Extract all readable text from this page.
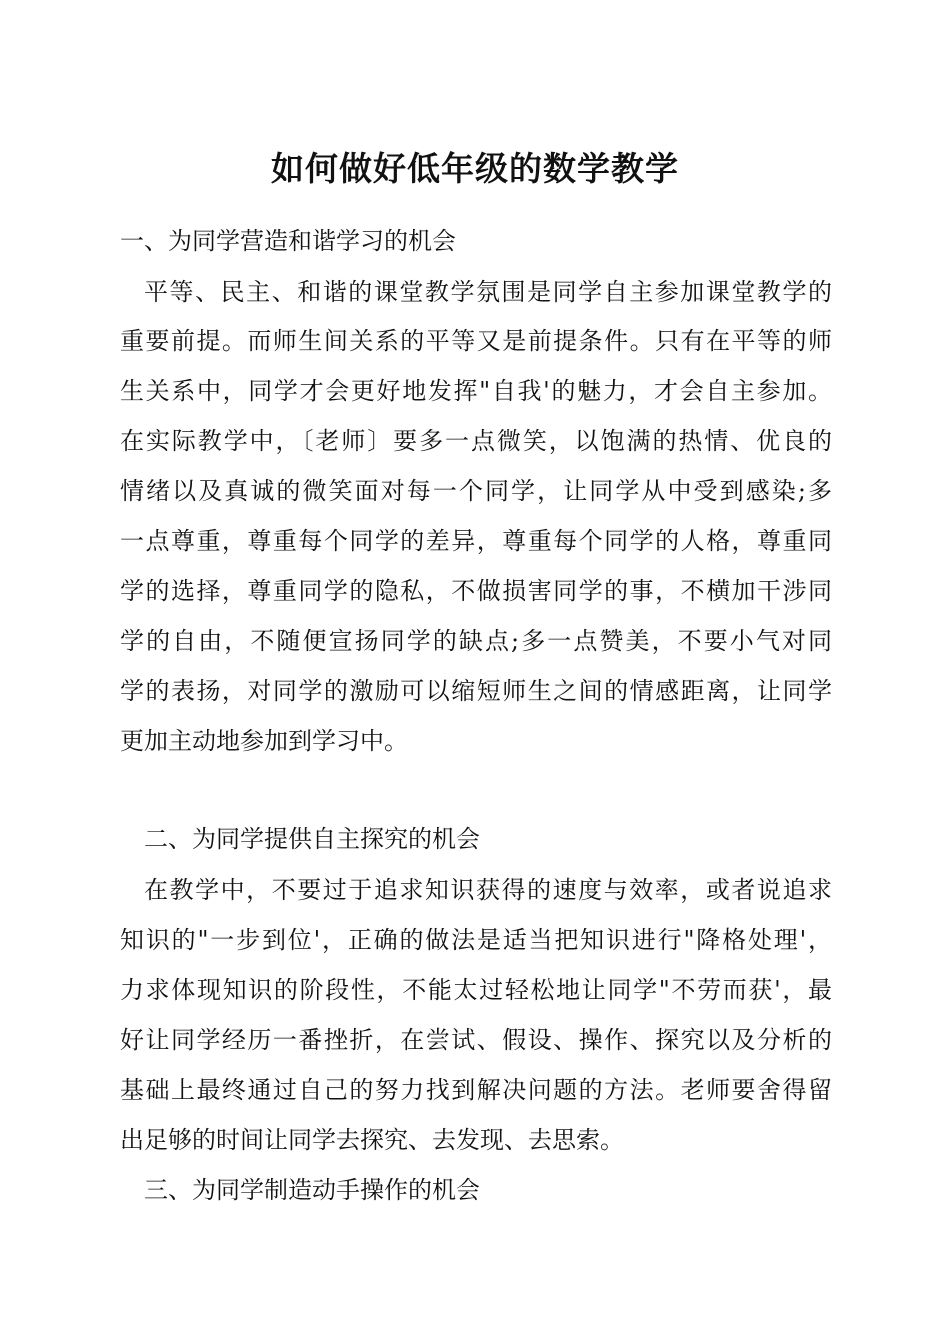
如何做好低年级的数学教学
一、为同学营造和谐学习的机会
平等、民主、和谐的课堂教学氛围是同学自主参加课堂教学的
重要前提。而师生间关系的平等又是前提条件。只有在平等的师
生关系中，同学才会更好地发挥"自我'的魅力，才会自主参加。
在实际教学中，〔老师〕要多一点微笑，以饱满的热情、优良的
情绪以及真诚的微笑面对每一个同学，让同学从中受到感染;多
一点尊重，尊重每个同学的差异，尊重每个同学的人格，尊重同
学的选择，尊重同学的隐私，不做损害同学的事，不横加干涉同
学的自由，不随便宣扬同学的缺点;多一点赞美，不要小气对同
学的表扬，对同学的激励可以缩短师生之间的情感距离，让同学
更加主动地参加到学习中。
二、为同学提供自主探究的机会
在教学中，不要过于追求知识获得的速度与效率，或者说追求
知识的"一步到位'，正确的做法是适当把知识进行"降格处理'，
力求体现知识的阶段性，不能太过轻松地让同学"不劳而获'，最
好让同学经历一番挫折，在尝试、假设、操作、探究以及分析的
基础上最终通过自己的努力找到解决问题的方法。老师要舍得留
出足够的时间让同学去探究、去发现、去思索。
三、为同学制造动手操作的机会
